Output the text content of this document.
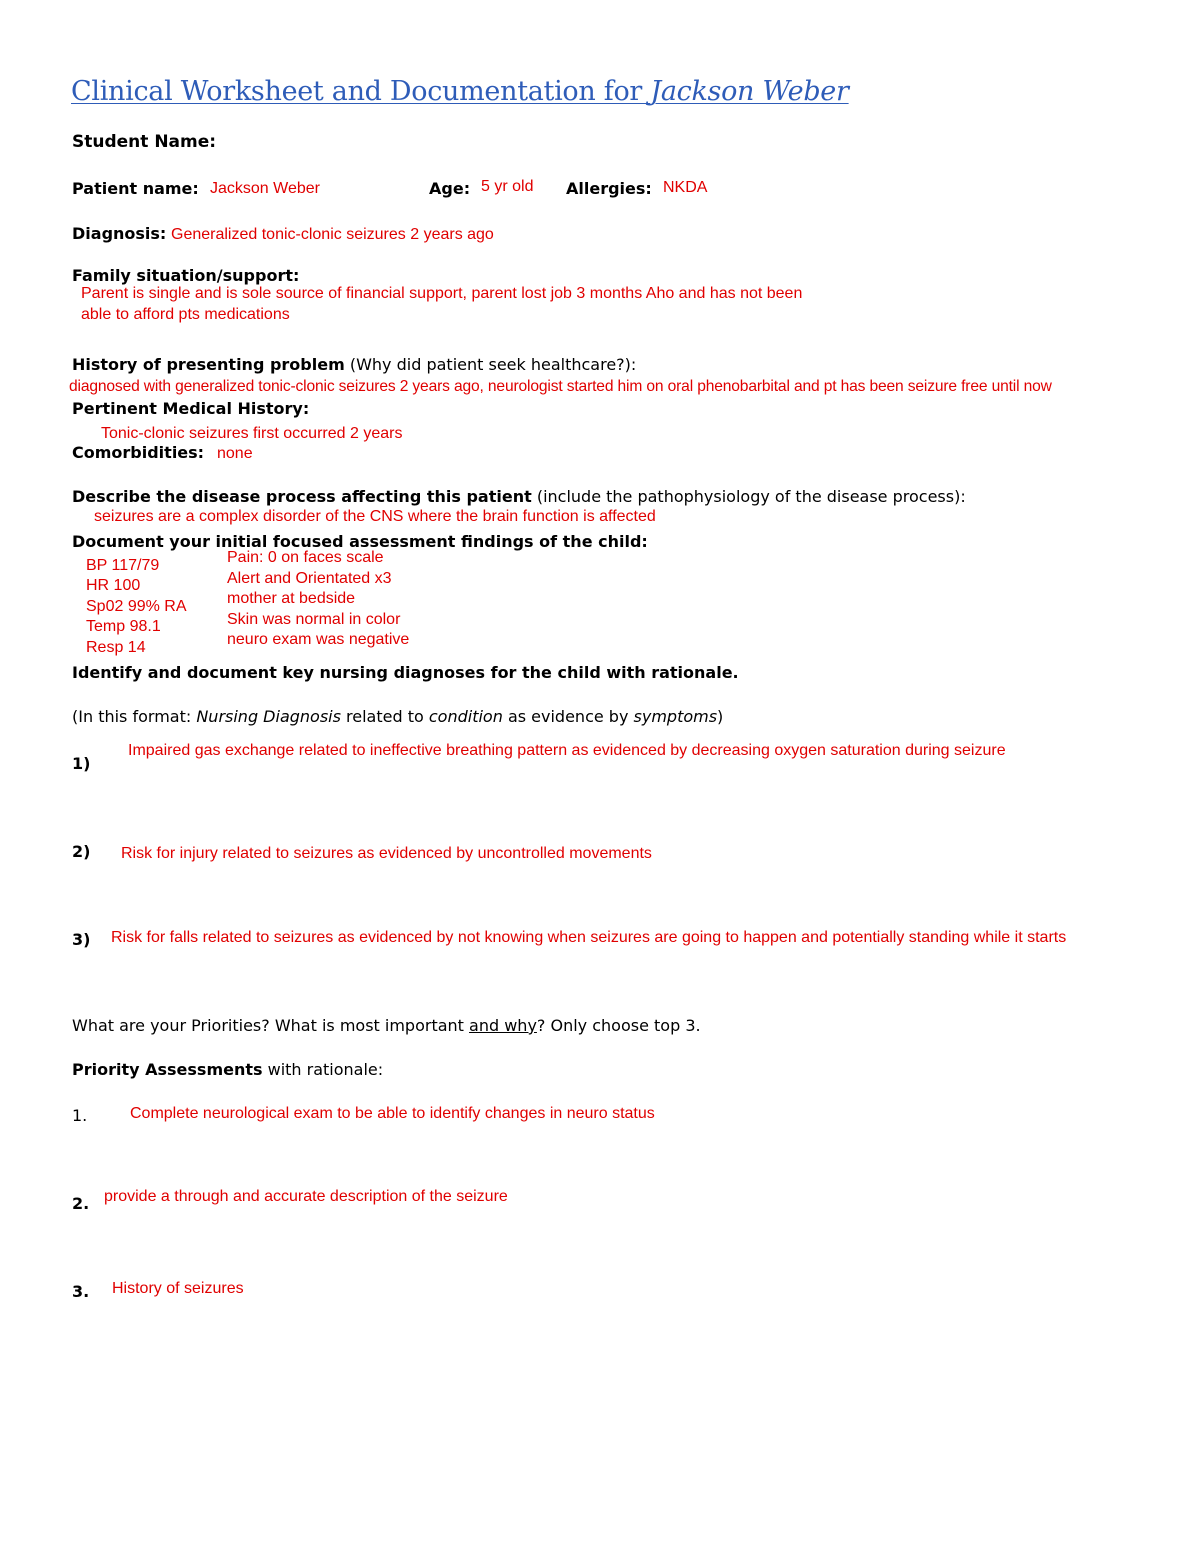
Clinical Worksheet and Documentation for Jackson Weber
Student Name:
Patient name: Jackson Weber	Age: 5 yr old Allergies: NKDA
Diagnosis: Generalized tonic-clonic seizures 2 years ago
Family situation/support:
Parent is single and is sole source of financial support, parent lost job 3 months Aho and has not been
able to afford pts medications
History of presenting problem (Why did patient seek healthcare?):
diagnosed with generalized tonic-clonic seizures 2 years ago, neurologist started him on oral phenobarbital and pt has been seizure free until now
Pertinent Medical History:
Tonic-clonic seizures first occurred 2 years
Comorbidities: none
Describe the disease process affecting this patient (include the pathophysiology of the disease process):
seizures are a complex disorder of the CNS where the brain function is affected
Document your initial focused assessment findings of the child:
BP 117/79
HR 100
Sp02 99% RA
Temp 98.1
Resp 14
Pain: 0 on faces scale
Alert and Orientated x3
mother at bedside
Skin was normal in color
neuro exam was negative
Identify and document key nursing diagnoses for the child with rationale.
(In this format: Nursing Diagnosis related to condition as evidence by symptoms)
1)
Impaired gas exchange related to ineffective breathing pattern as evidenced by decreasing oxygen saturation during seizure
2) Risk for injury related to seizures as evidenced by uncontrolled movements
3) Risk for falls related to seizures as evidenced by not knowing when seizures are going to happen and potentially standing while it starts
What are your Priorities? What is most important and why? Only choose top 3.
Priority Assessments with rationale:
1.	Complete neurological exam to be able to identify changes in neuro status
2. provide a through and accurate description of the seizure
3. History of seizures
